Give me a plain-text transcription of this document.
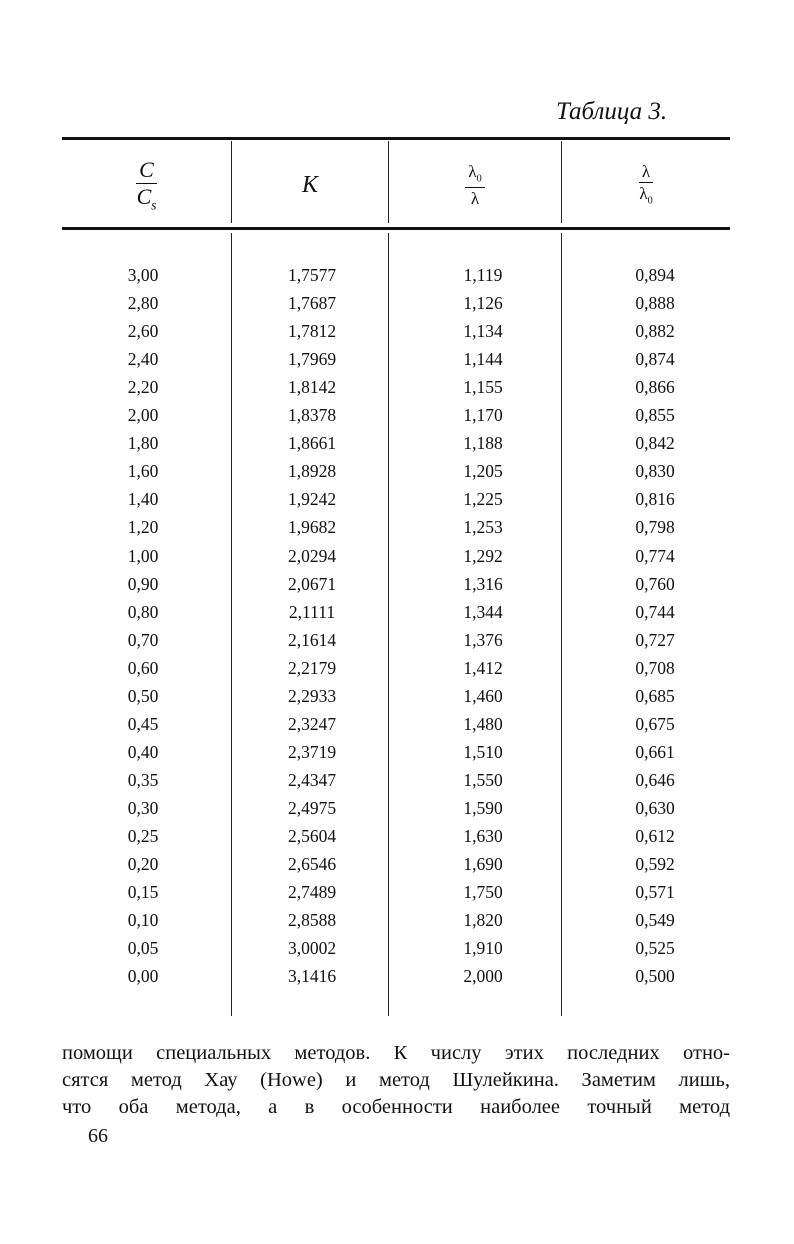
Таблица 3.
$\frac{C}{C_s}$	K	$\frac{\lambda_0}{\lambda}$	$\frac{\lambda}{\lambda_0}$
3,00	1,7577	1,119	0,894
2,80	1,7687	1,126	0,888
2,60	1,7812	1,134	0,882
2,40	1,7969	1,144	0,874
2,20	1,8142	1,155	0,866
2,00	1,8378	1,170	0,855
1,80	1,8661	1,188	0,842
1,60	1,8928	1,205	0,830
1,40	1,9242	1,225	0,816
1,20	1,9682	1,253	0,798
1,00	2,0294	1,292	0,774
0,90	2,0671	1,316	0,760
0,80	2,1111	1,344	0,744
0,70	2,1614	1,376	0,727
0,60	2,2179	1,412	0,708
0,50	2,2933	1,460	0,685
0,45	2,3247	1,480	0,675
0,40	2,3719	1,510	0,661
0,35	2,4347	1,550	0,646
0,30	2,4975	1,590	0,630
0,25	2,5604	1,630	0,612
0,20	2,6546	1,690	0,592
0,15	2,7489	1,750	0,571
0,10	2,8588	1,820	0,549
0,05	3,0002	1,910	0,525
0,00	3,1416	2,000	0,500
помощи специальных методов. К числу этих последних отно-
сятся метод Хау (Howe) и метод Шулейкина. Заметим лишь,
что оба метода, а в особенности наиболее точный метод
66
